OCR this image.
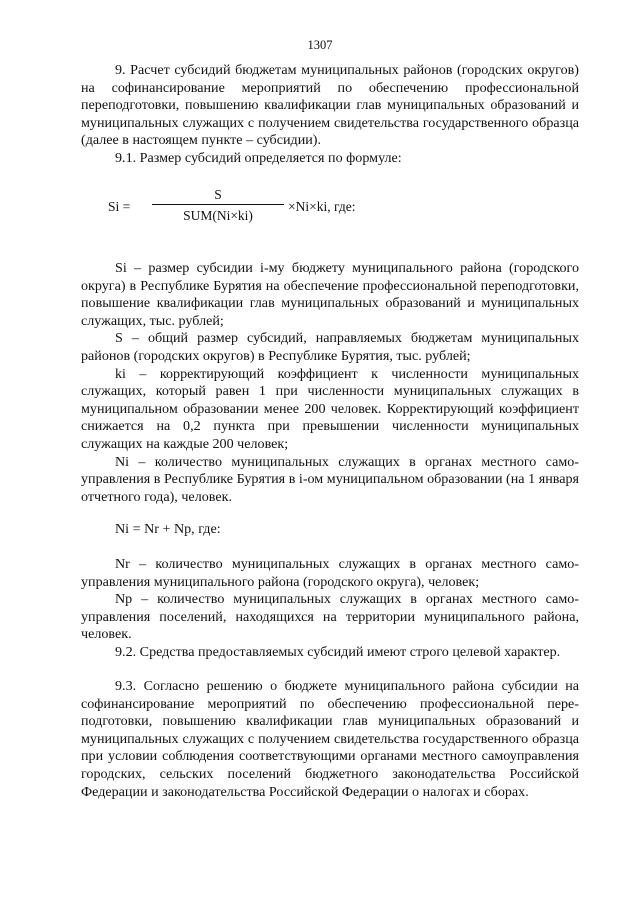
1307

9. Расчет субсидий бюджетам муниципальных районов (городских округов) на софинансирование мероприятий по обеспечению профессиональной переподготовки, повышению квалификации глав муниципальных образований и муниципальных служащих с получением свидетельства государственного образца (далее в настоящем пункте – субсидии).

9.1. Размер субсидий определяется по формуле:

Si =
S
SUM(Ni×ki)
×Ni×ki, где:

Si – размер субсидии i-му бюджету муниципального района (городского округа) в Республике Бурятия на обеспечение профессиональной переподготовки, повышение квалификации глав муниципальных образований и муниципальных служащих, тыс. рублей;

S – общий размер субсидий, направляемых бюджетам муниципальных районов (городских округов) в Республике Бурятия, тыс. рублей;

ki – корректирующий коэффициент к численности муниципальных служащих, который равен 1 при численности муниципальных служащих в муниципальном образовании менее 200 человек. Корректирующий коэффициент снижается на 0,2 пункта при превышении численности муниципальных служащих на каждые 200 человек;

Ni – количество муниципальных служащих в органах местного самоуправления в Республике Бурятия в i-ом муниципальном образовании (на 1 января отчетного года), человек.

Ni = Nr + Np, где:

Nr – количество муниципальных служащих в органах местного самоуправления муниципального района (городского округа), человек;

Np – количество муниципальных служащих в органах местного самоуправления поселений, находящихся на территории муниципального района, человек.

9.2. Средства предоставляемых субсидий имеют строго целевой характер.

9.3. Согласно решению о бюджете муниципального района субсидии на софинансирование мероприятий по обеспечению профессиональной переподготовки, повышению квалификации глав муниципальных образований и муниципальных служащих с получением свидетельства государственного образца при условии соблюдения соответствующими органами местного самоуправления городских, сельских поселений бюджетного законодательства Российской Федерации и законодательства Российской Федерации о налогах и сборах.
